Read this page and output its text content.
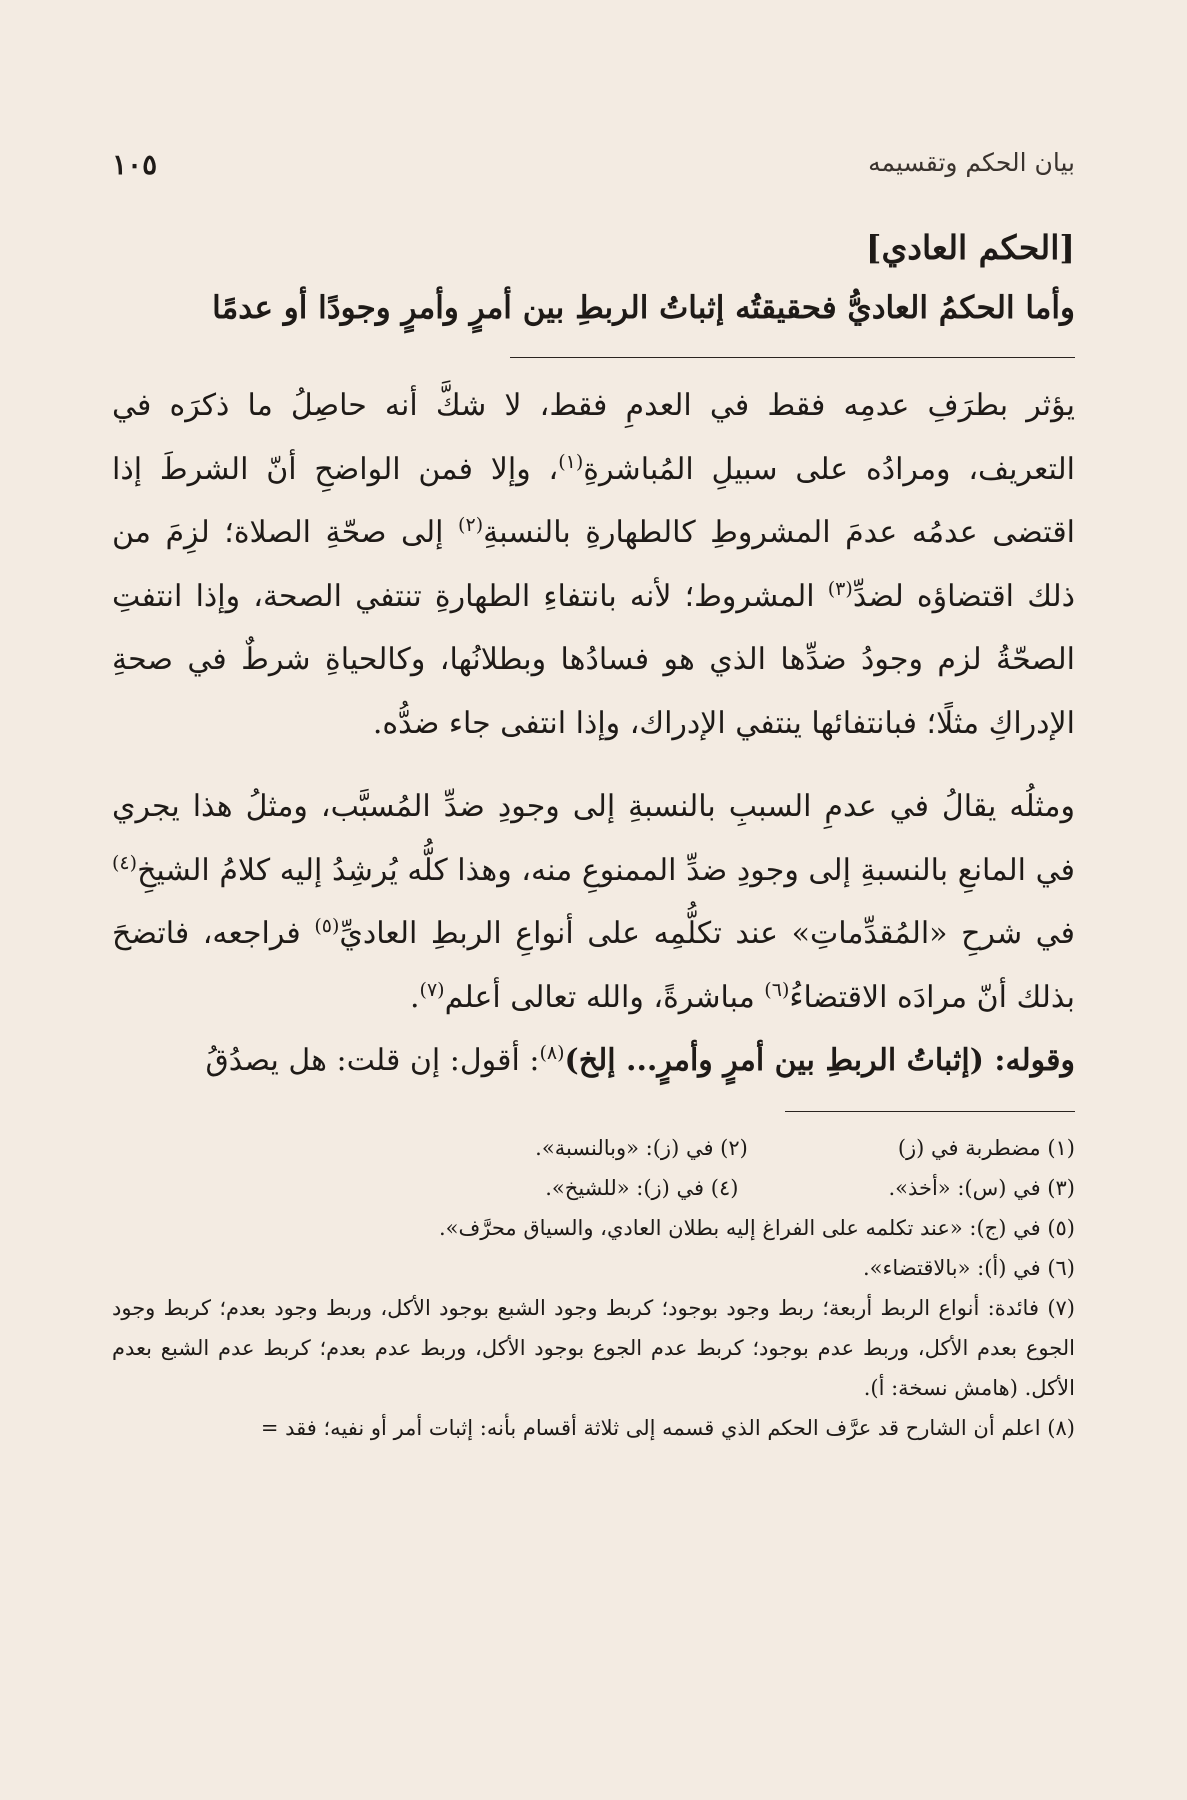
بيان الحكم وتقسيمه
١٠٥
[الحكم العادي]

وأما الحكمُ العاديُّ فحقيقتُه إثباتُ الربطِ بين أمرٍ وأمرٍ وجودًا أو عدمًا

يؤثر بطرَفِ عدمِه فقط في العدمِ فقط، لا شكَّ أنه حاصِلُ ما ذكرَه في التعريف، ومرادُه على سبيلِ المُباشرةِ$^{(١)}$، وإلا فمن الواضحِ أنّ الشرطَ إذا اقتضى عدمُه عدمَ المشروطِ كالطهارةِ بالنسبةِ$^{(٢)}$ إلى صحّةِ الصلاة؛ لزِمَ من ذلك اقتضاؤه لضدِّ$^{(٣)}$ المشروط؛ لأنه بانتفاءِ الطهارةِ تنتفي الصحة، وإذا انتفتِ الصحّةُ لزم وجودُ ضدِّها الذي هو فسادُها وبطلانُها، وكالحياةِ شرطٌ في صحةِ الإدراكِ مثلًا؛ فبانتفائها ينتفي الإدراك، وإذا انتفى جاء ضدُّه.

ومثلُه يقالُ في عدمِ السببِ بالنسبةِ إلى وجودِ ضدِّ المُسبَّب، ومثلُ هذا يجري في المانعِ بالنسبةِ إلى وجودِ ضدِّ الممنوعِ منه، وهذا كلُّه يُرشِدُ إليه كلامُ الشيخِ$^{(٤)}$ في شرحِ «المُقدِّماتِ» عند تكلُّمِه على أنواعِ الربطِ العاديِّ$^{(٥)}$ فراجعه، فاتضحَ بذلك أنّ مرادَه الاقتضاءُ$^{(٦)}$ مباشرةً، والله تعالى أعلم$^{(٧)}$.

وقوله: (إثباتُ الربطِ بين أمرٍ وأمرٍ... إلخ)$^{(٨)}$: أقول: إن قلت: هل يصدُقُ

(١) مضطربة في (ز)
(٢) في (ز): «وبالنسبة».
(٣) في (س): «أخذ».
(٤) في (ز): «للشيخ».

(٥) في (ج): «عند تكلمه على الفراغ إليه بطلان العادي، والسياق محرَّف».

(٦) في (أ): «بالاقتضاء».

(٧) فائدة: أنواع الربط أربعة؛ ربط وجود بوجود؛ كربط وجود الشبع بوجود الأكل، وربط وجود بعدم؛ كربط وجود الجوع بعدم الأكل، وربط عدم بوجود؛ كربط عدم الجوع بوجود الأكل، وربط عدم بعدم؛ كربط عدم الشبع بعدم الأكل. (هامش نسخة: أ).

(٨) اعلم أن الشارح قد عرَّف الحكم الذي قسمه إلى ثلاثة أقسام بأنه: إثبات أمر أو نفيه؛ فقد =
